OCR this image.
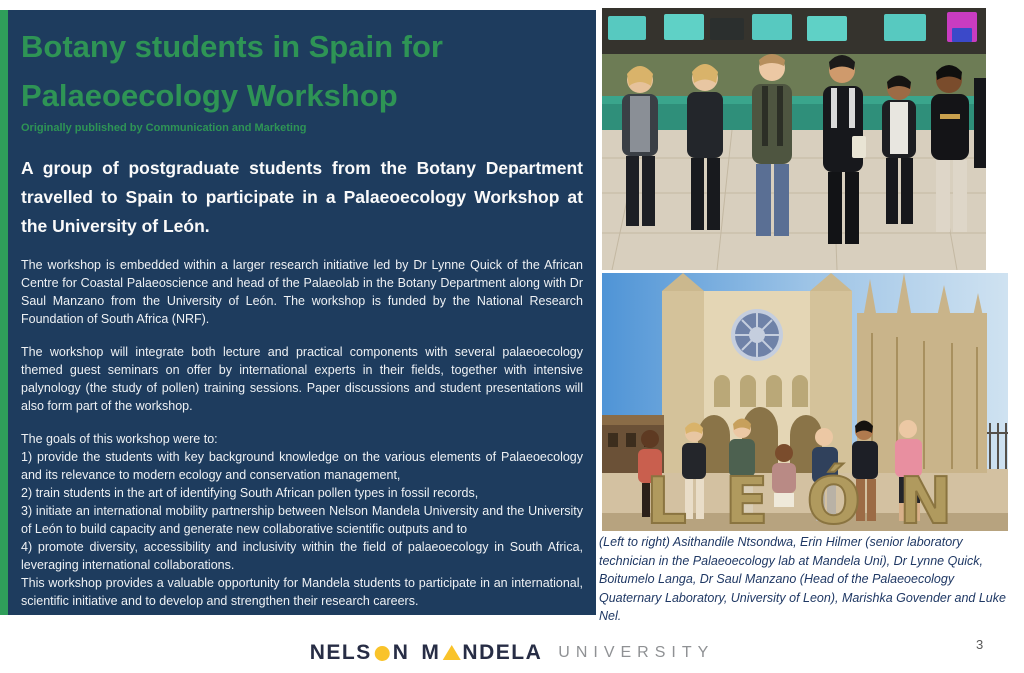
Botany students in Spain for
Palaeoecology Workshop
Originally published by Communication and Marketing
A group of postgraduate students from the Botany Department travelled to Spain to participate in a Palaeoecology Workshop at the University of León.
The workshop is embedded within a larger research initiative led by Dr Lynne Quick of the African Centre for Coastal Palaeoscience and head of the Palaeolab in the Botany Department along with Dr Saul Manzano from the University of León. The workshop is funded by the National Research Foundation of South Africa (NRF).
The workshop will integrate both lecture and practical components with several palaeoecology themed guest seminars on offer by international experts in their fields, together with intensive palynology (the study of pollen) training sessions. Paper discussions and student presentations will also form part of the workshop.
The goals of this workshop were to:
1) provide the students with key background knowledge on the various elements of Palaeoecology and its relevance to modern ecology and conservation management,
2) train students in the art of identifying South African pollen types in fossil records,
3) initiate an international mobility partnership between Nelson Mandela University and the University of León to build capacity and generate new collaborative scientific outputs and to
4) promote diversity, accessibility and inclusivity within the field of palaeoecology in South Africa, leveraging international collaborations.
This workshop provides a valuable opportunity for Mandela students to participate in an international, scientific initiative and to develop and strengthen their research careers.
LEÓN
(Left to right) Asithandile Ntsondwa, Erin Hilmer (senior laboratory technician in the Palaeoecology lab at Mandela Uni), Dr Lynne Quick, Boitumelo Langa, Dr Saul Manzano (Head of the Palaeoecology Quaternary Laboratory, University of Leon), Marishka Govender and Luke Nel.
NELS N M NDELA UNIVERSITY	3
